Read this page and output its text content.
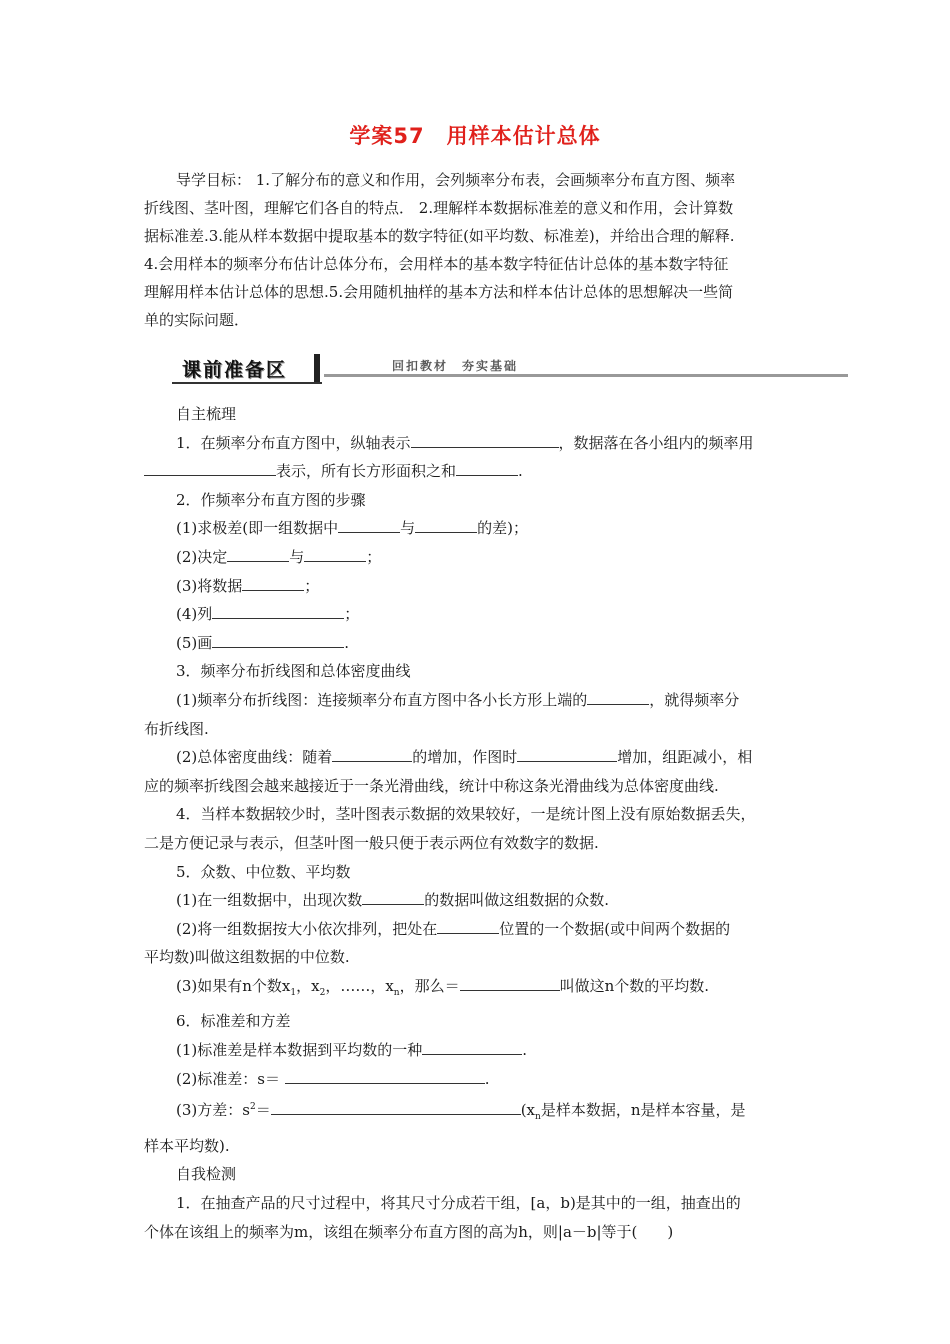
学案57 用样本估计总体

导学目标： 1.了解分布的意义和作用，会列频率分布表，会画频率分布直方图、频率

折线图、茎叶图，理解它们各自的特点． 2.理解样本数据标准差的意义和作用，会计算数

据标准差.3.能从样本数据中提取基本的数字特征(如平均数、标准差)，并给出合理的解释.

4.会用样本的频率分布估计总体分布，会用样本的基本数字特征估计总体的基本数字特征

理解用样本估计总体的思想.5.会用随机抽样的基本方法和样本估计总体的思想解决一些简

单的实际问题．

课前准备区	回扣教材　夯实基础

自主梳理

1．在频率分布直方图中，纵轴表示	，数据落在各小组内的频率用

表示，所有长方形面积之和	.

2．作频率分布直方图的步骤

(1)求极差(即一组数据中	与	的差)；

(2)决定	与	；

(3)将数据	；

(4)列	；

(5)画	.

3．频率分布折线图和总体密度曲线

(1)频率分布折线图：连接频率分布直方图中各小长方形上端的	，就得频率分

布折线图.

(2)总体密度曲线：随着	的增加，作图时	增加，组距减小，相

应的频率折线图会越来越接近于一条光滑曲线，统计中称这条光滑曲线为总体密度曲线.

4．当样本数据较少时，茎叶图表示数据的效果较好，一是统计图上没有原始数据丢失，

二是方便记录与表示，但茎叶图一般只便于表示两位有效数字的数据.

5．众数、中位数、平均数

(1)在一组数据中，出现次数	的数据叫做这组数据的众数.

(2)将一组数据按大小依次排列，把处在	位置的一个数据(或中间两个数据的

平均数)叫做这组数据的中位数.

(3)如果有n个数$x_1$，$x_2$，……，$x_n$，那么＝	叫做这n个数的平均数.

6．标准差和方差

(1)标准差是样本数据到平均数的一种	.

(2)标准差：s＝	.

(3)方差：$s^2=$	($x_n$是样本数据，n是样本容量，是

样本平均数).

自我检测

1．在抽查产品的尺寸过程中，将其尺寸分成若干组，[a，b)是其中的一组，抽查出的

个体在该组上的频率为m，该组在频率分布直方图的高为h，则|a－b|等于(　　)
